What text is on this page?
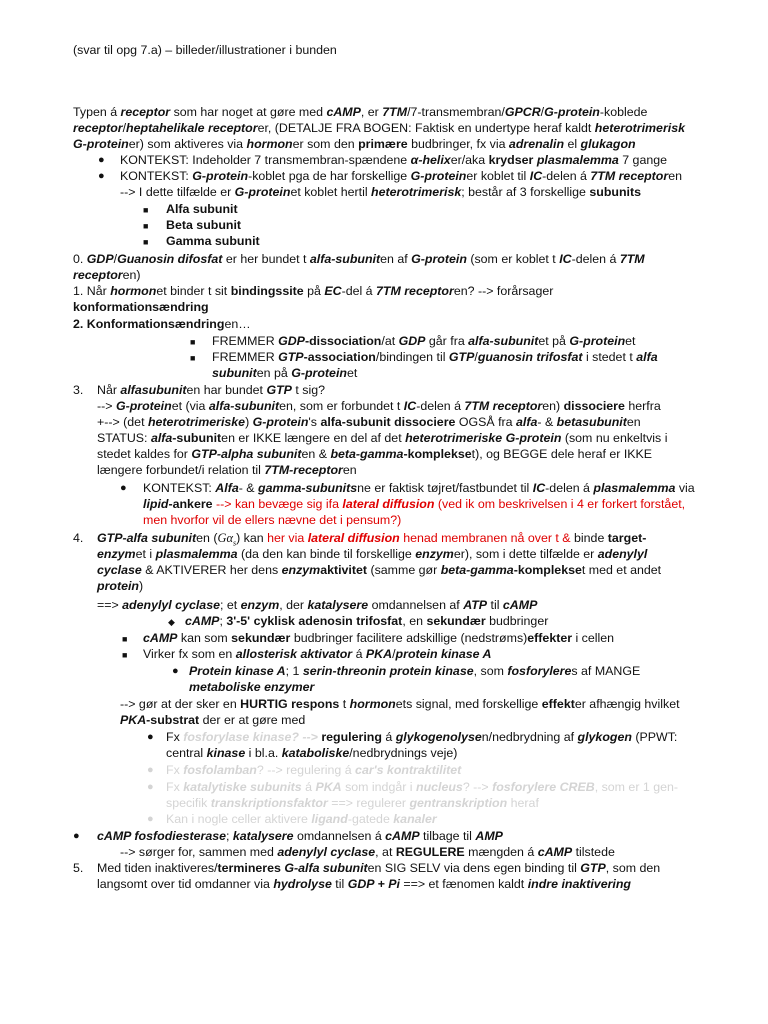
(svar til opg 7.a) – billeder/illustrationer i bunden
Typen á receptor som har noget at gøre med cAMP, er 7TM/7-transmembran/GPCR/G-protein-koblede
receptor/heptahelikale receptorer, (DETALJE FRA BOGEN: Faktisk en undertype heraf kaldt heterotrimerisk
G-proteiner) som aktiveres via hormoner som den primære budbringer, fx via adrenalin el glukagon
● KONTEKST: Indeholder 7 transmembran-spændene α-helixer/aka krydser plasmalemma 7 gange
● KONTEKST: G-protein-koblet pga de har forskellige G-proteiner koblet til IC-delen á 7TM receptoren
--> I dette tilfælde er G-proteinet koblet hertil heterotrimerisk; består af 3 forskellige subunits
■ Alfa subunit
■ Beta subunit
■ Gamma subunit
0. GDP/Guanosin difosfat er her bundet t alfa-subuniten af G-protein (som er koblet t IC-delen á 7TM
receptoren)
1. Når hormonet binder t sit bindingssite på EC-del á 7TM receptoren? --> forårsager
konformationsændring
2. Konformationsændringen…
■ FREMMER GDP-dissociation/at GDP går fra alfa-subunitet på G-proteinet
■ FREMMER GTP-association/bindingen til GTP/guanosin trifosfat i stedet t alfa
subuniten på G-proteinet
3. Når alfasubuniten har bundet GTP t sig?
--> G-proteinet (via alfa-subuniten, som er forbundet t IC-delen á 7TM receptoren) dissociere herfra
+--> (det heterotrimeriske) G-protein's alfa-subunit dissociere OGSÅ fra alfa- & betasubuniten
STATUS: alfa-subuniten er IKKE længere en del af det heterotrimeriske G-protein (som nu enkeltvis i
stedet kaldes for GTP-alpha subuniten & beta-gamma-komplekset), og BEGGE dele heraf er IKKE
længere forbundet/i relation til 7TM-receptoren
● KONTEKST: Alfa- & gamma-subunitsne er faktisk tøjret/fastbundet til IC-delen á plasmalemma via
lipid-ankere --> kan bevæge sig ifa lateral diffusion (ved ik om beskrivelsen i 4 er forkert forstået,
men hvorfor vil de ellers nævne det i pensum?)
4. GTP-alfa subuniten $(G\alpha_s)$ kan her via lateral diffusion henad membranen nå over t & binde target-
enzymet i plasmalemma (da den kan binde til forskellige enzymer), som i dette tilfælde er adenylyl
cyclase & AKTIVERER her dens enzymaktivitet (samme gør beta-gamma-komplekset med et andet
protein)
==> adenylyl cyclase; et enzym, der katalysere omdannelsen af ATP til cAMP
◆ cAMP; 3'-5' cyklisk adenosin trifosfat, en sekundær budbringer
■ cAMP kan som sekundær budbringer facilitere adskillige (nedstrøms)effekter i cellen
■ Virker fx som en allosterisk aktivator á PKA/protein kinase A
● Protein kinase A; 1 serin-threonin protein kinase, som fosforyleres af MANGE
metaboliske enzymer
--> gør at der sker en HURTIG respons t hormonets signal, med forskellige effekter afhængig hvilket
PKA-substrat der er at gøre med
● Fx fosforylase kinase? --> regulering á glykogenolysen/nedbrydning af glykogen (PPWT:
central kinase i bl.a. kataboliske/nedbrydnings veje)
● Fx fosfolamban? --> regulering á car's kontraktilitet
● Fx katalytiske subunits á PKA som indgår i nucleus? --> fosforylere CREB, som er 1 gen-
specifik transkriptionsfaktor ==> regulerer gentranskription heraf
● Kan i nogle celler aktivere ligand-gatede kanaler
● cAMP fosfodiesterase; katalysere omdannelsen á cAMP tilbage til AMP
--> sørger for, sammen med adenylyl cyclase, at REGULERE mængden á cAMP tilstede
5. Med tiden inaktiveres/termineres G-alfa subuniten SIG SELV via dens egen binding til GTP, som den
langsomt over tid omdanner via hydrolyse til GDP + Pi ==> et fænomen kaldt indre inaktivering
